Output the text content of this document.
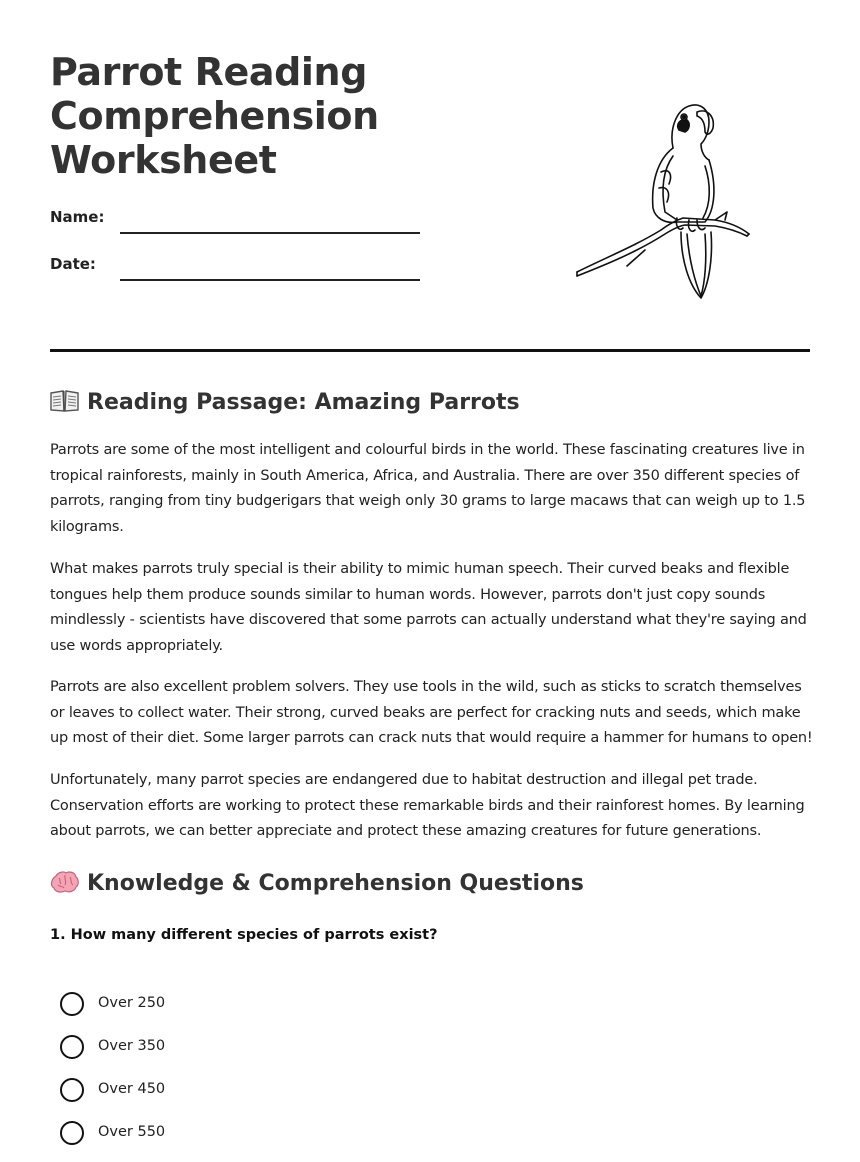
Parrot Reading Comprehension Worksheet
Name:
Date:
Reading Passage: Amazing Parrots

Parrots are some of the most intelligent and colourful birds in the world. These fascinating creatures live in tropical rainforests, mainly in South America, Africa, and Australia. There are over 350 different species of parrots, ranging from tiny budgerigars that weigh only 30 grams to large macaws that can weigh up to 1.5 kilograms.

What makes parrots truly special is their ability to mimic human speech. Their curved beaks and flexible tongues help them produce sounds similar to human words. However, parrots don't just copy sounds mindlessly - scientists have discovered that some parrots can actually understand what they're saying and use words appropriately.

Parrots are also excellent problem solvers. They use tools in the wild, such as sticks to scratch themselves or leaves to collect water. Their strong, curved beaks are perfect for cracking nuts and seeds, which make up most of their diet. Some larger parrots can crack nuts that would require a hammer for humans to open!

Unfortunately, many parrot species are endangered due to habitat destruction and illegal pet trade. Conservation efforts are working to protect these remarkable birds and their rainforest homes. By learning about parrots, we can better appreciate and protect these amazing creatures for future generations.

Knowledge & Comprehension Questions

1. How many different species of parrots exist?

Over 250
Over 350
Over 450
Over 550
